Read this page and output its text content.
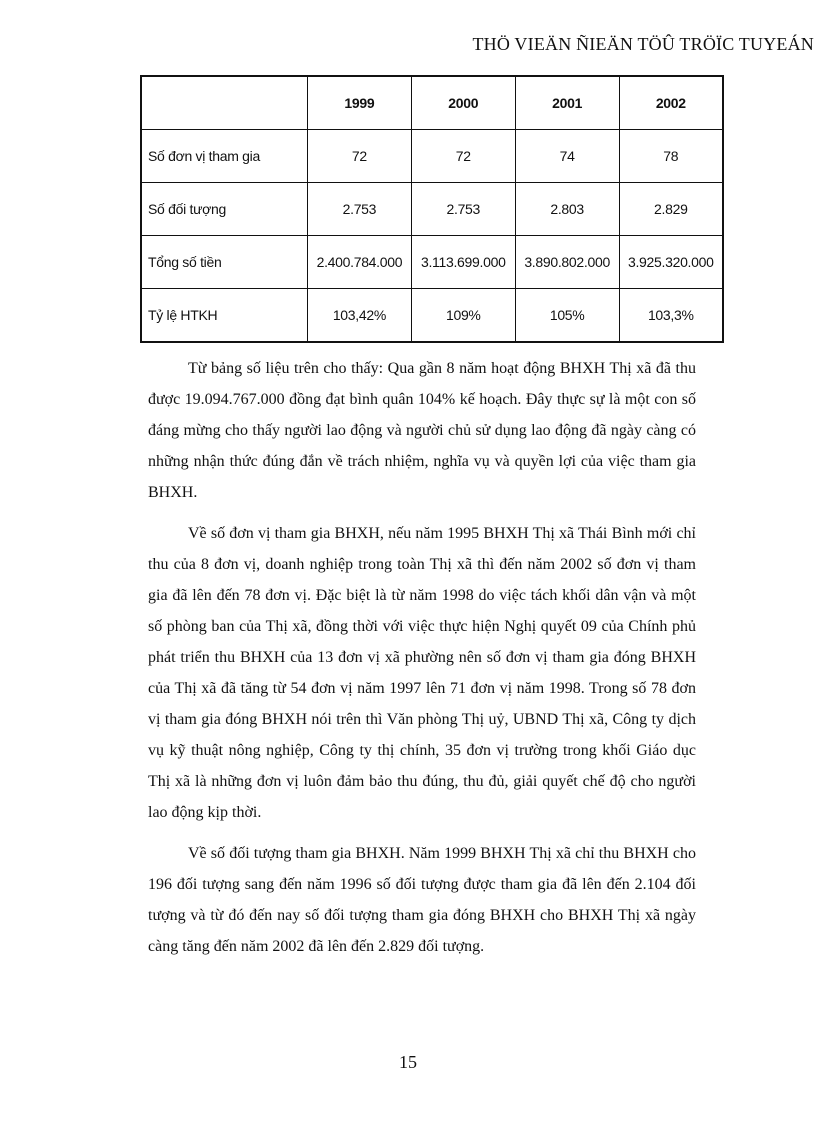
THÖ VIEÄN ÑIEÄN TÖÛ TRÖÏC TUYEÁN
	1999	2000	2001	2002
Số đơn vị tham gia	72	72	74	78
Số đối tượng	2.753	2.753	2.803	2.829
Tổng số tiền	2.400.784.000	3.113.699.000	3.890.802.000	3.925.320.000
Tỷ lệ HTKH	103,42%	109%	105%	103,3%

Từ bảng số liệu trên cho thấy: Qua gần 8 năm hoạt động BHXH Thị xã đã thu được 19.094.767.000 đồng đạt bình quân 104% kế hoạch. Đây thực sự là một con số đáng mừng cho thấy người lao động và người chủ sử dụng lao động đã ngày càng có những nhận thức đúng đắn về trách nhiệm, nghĩa vụ và quyền lợi của việc tham gia BHXH.

Về số đơn vị tham gia BHXH, nếu năm 1995 BHXH Thị xã Thái Bình mới chỉ thu của 8 đơn vị, doanh nghiệp trong toàn Thị xã thì đến năm 2002 số đơn vị tham gia đã lên đến 78 đơn vị. Đặc biệt là từ năm 1998 do việc tách khối dân vận và một số phòng ban của Thị xã, đồng thời với việc thực hiện Nghị quyết 09 của Chính phủ phát triển thu BHXH của 13 đơn vị xã phường nên số đơn vị tham gia đóng BHXH của Thị xã đã tăng từ 54 đơn vị năm 1997 lên 71 đơn vị năm 1998. Trong số 78 đơn vị tham gia đóng BHXH nói trên thì Văn phòng Thị uỷ, UBND Thị xã, Công ty dịch vụ kỹ thuật nông nghiệp, Công ty thị chính, 35 đơn vị trường trong khối Giáo dục Thị xã là những đơn vị luôn đảm bảo thu đúng, thu đủ, giải quyết chế độ cho người lao động kịp thời.

Về số đối tượng tham gia BHXH. Năm 1999 BHXH Thị xã chỉ thu BHXH cho 196 đối tượng sang đến năm 1996 số đối tượng được tham gia đã lên đến 2.104 đối tượng và từ đó đến nay số đối tượng tham gia đóng BHXH cho BHXH Thị xã ngày càng tăng đến năm 2002 đã lên đến 2.829 đối tượng.

15
